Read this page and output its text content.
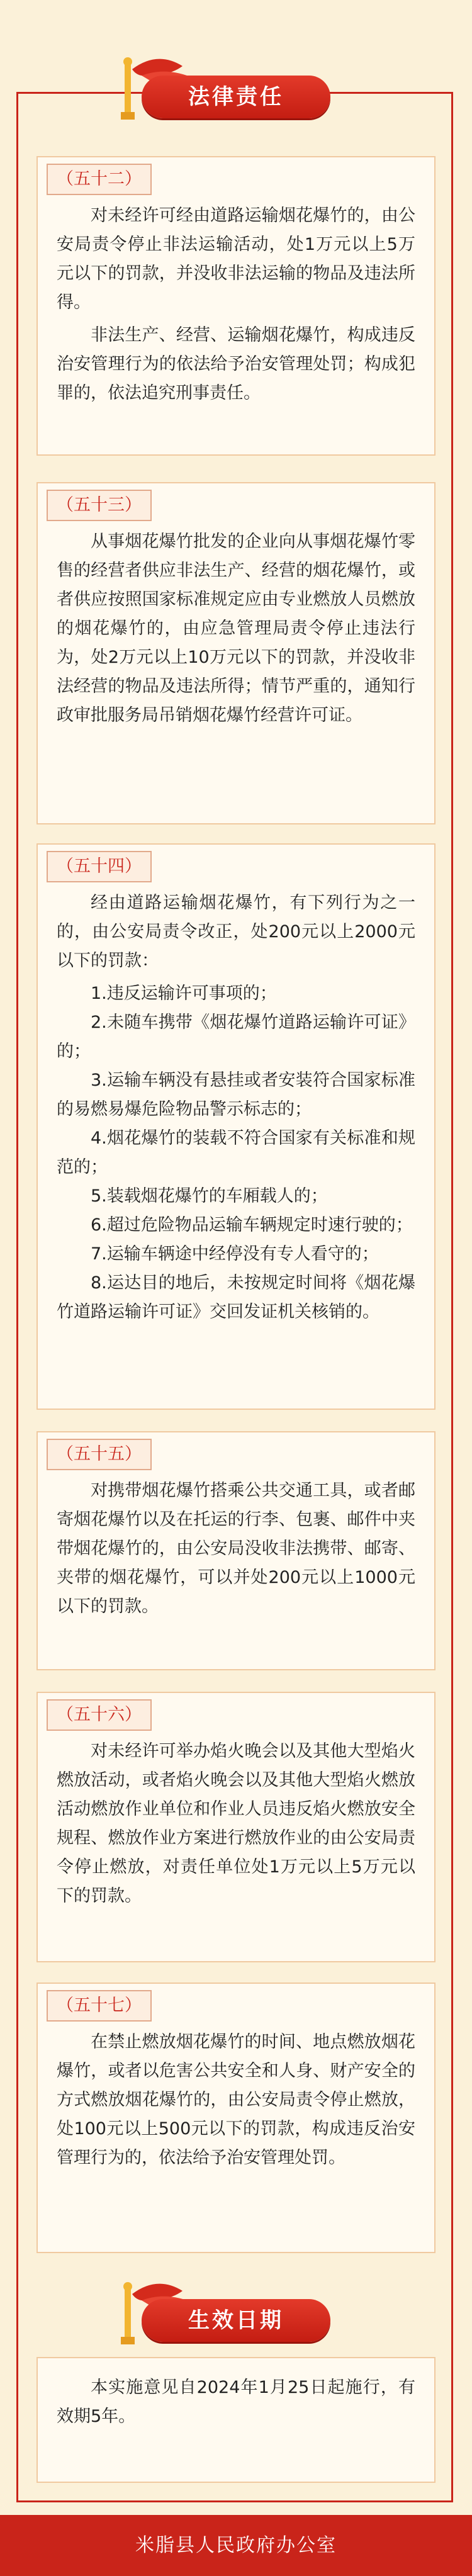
法律责任
（五十二）

对未经许可经由道路运输烟花爆竹的，由公安局责令停止非法运输活动，处1万元以上5万元以下的罚款，并没收非法运输的物品及违法所得。

非法生产、经营、运输烟花爆竹，构成违反治安管理行为的依法给予治安管理处罚；构成犯罪的，依法追究刑事责任。

（五十三）

从事烟花爆竹批发的企业向从事烟花爆竹零售的经营者供应非法生产、经营的烟花爆竹，或者供应按照国家标准规定应由专业燃放人员燃放的烟花爆竹的，由应急管理局责令停止违法行为，处2万元以上10万元以下的罚款，并没收非法经营的物品及违法所得；情节严重的，通知行政审批服务局吊销烟花爆竹经营许可证。

（五十四）

经由道路运输烟花爆竹，有下列行为之一的，由公安局责令改正，处200元以上2000元以下的罚款：

1.违反运输许可事项的；

2.未随车携带《烟花爆竹道路运输许可证》的；

3.运输车辆没有悬挂或者安装符合国家标准的易燃易爆危险物品警示标志的；

4.烟花爆竹的装载不符合国家有关标准和规范的；

5.装载烟花爆竹的车厢载人的；

6.超过危险物品运输车辆规定时速行驶的；

7.运输车辆途中经停没有专人看守的；

8.运达目的地后，未按规定时间将《烟花爆竹道路运输许可证》交回发证机关核销的。

（五十五）

对携带烟花爆竹搭乘公共交通工具，或者邮寄烟花爆竹以及在托运的行李、包裹、邮件中夹带烟花爆竹的，由公安局没收非法携带、邮寄、夹带的烟花爆竹，可以并处200元以上1000元以下的罚款。

（五十六）

对未经许可举办焰火晚会以及其他大型焰火燃放活动，或者焰火晚会以及其他大型焰火燃放活动燃放作业单位和作业人员违反焰火燃放安全规程、燃放作业方案进行燃放作业的由公安局责令停止燃放，对责任单位处1万元以上5万元以下的罚款。

（五十七）

在禁止燃放烟花爆竹的时间、地点燃放烟花爆竹，或者以危害公共安全和人身、财产安全的方式燃放烟花爆竹的，由公安局责令停止燃放，处100元以上500元以下的罚款，构成违反治安管理行为的，依法给予治安管理处罚。

生效日期

本实施意见自2024年1月25日起施行，有效期5年。

米脂县人民政府办公室
